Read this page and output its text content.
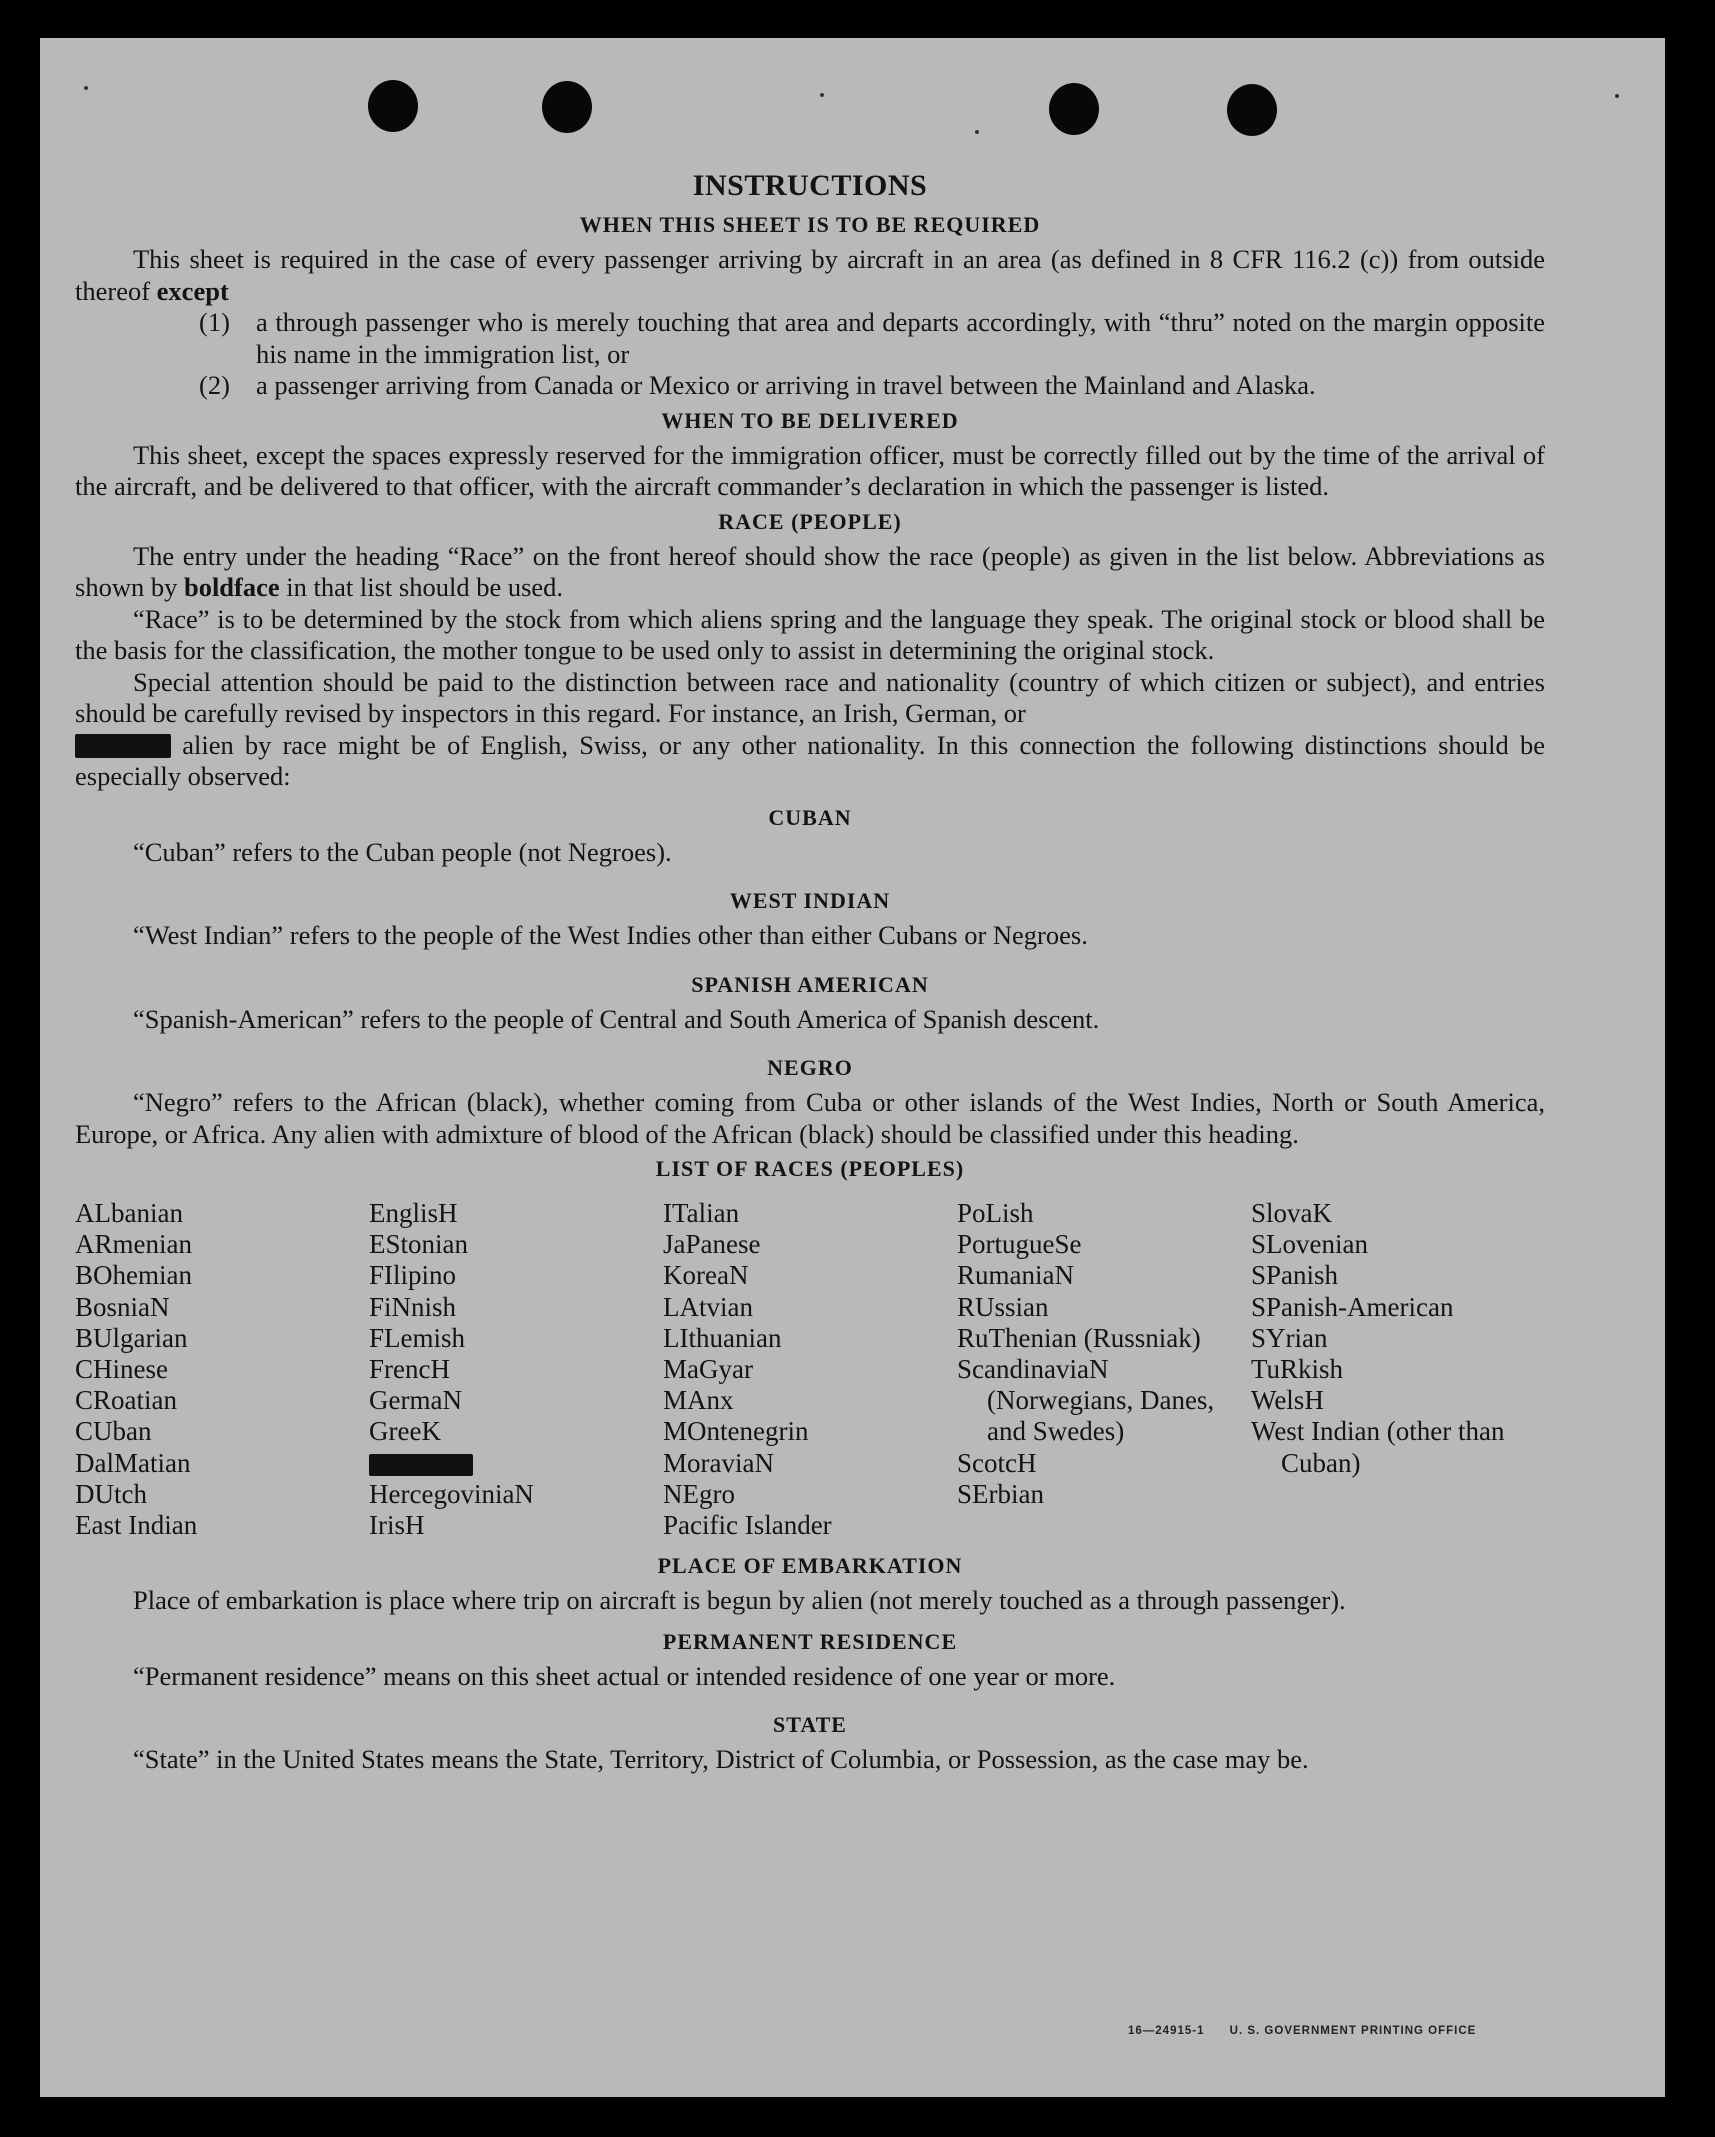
INSTRUCTIONS
WHEN THIS SHEET IS TO BE REQUIRED

This sheet is required in the case of every passenger arriving by aircraft in an area (as defined in 8 CFR 116.2 (c)) from outside thereof except

(1) a through passenger who is merely touching that area and departs accordingly, with “thru” noted on the margin opposite his name in the immigration list, or
(2) a passenger arriving from Canada or Mexico or arriving in travel between the Mainland and Alaska.
WHEN TO BE DELIVERED

This sheet, except the spaces expressly reserved for the immigration officer, must be correctly filled out by the time of the arrival of the aircraft, and be delivered to that officer, with the aircraft commander’s declaration in which the passenger is listed.

RACE (PEOPLE)

The entry under the heading “Race” on the front hereof should show the race (people) as given in the list below. Abbreviations as shown by boldface in that list should be used.

“Race” is to be determined by the stock from which aliens spring and the language they speak. The original stock or blood shall be the basis for the classification, the mother tongue to be used only to assist in determining the original stock.

Special attention should be paid to the distinction between race and nationality (country of which citizen or subject), and entries should be carefully revised by inspectors in this regard. For instance, an Irish, German, or
alien by race might be of English, Swiss, or any other nationality. In this connection the following distinctions should be especially observed:

CUBAN

“Cuban” refers to the Cuban people (not Negroes).

WEST INDIAN

“West Indian” refers to the people of the West Indies other than either Cubans or Negroes.

SPANISH AMERICAN

“Spanish-American” refers to the people of Central and South America of Spanish descent.

NEGRO

“Negro” refers to the African (black), whether coming from Cuba or other islands of the West Indies, North or South America, Europe, or Africa. Any alien with admixture of blood of the African (black) should be classified under this heading.

LIST OF RACES (PEOPLES)
ALbanian
ARmenian
BOhemian
BosniaN
BUlgarian
CHinese
CRoatian
CUban
DalMatian
DUtch
East Indian
EnglisH
EStonian
FIlipino
FiNnish
FLemish
FrencH
GermaN
GreeK
HercegoviniaN
IrisH
ITalian
JaPanese
KoreaN
LAtvian
LIthuanian
MaGyar
MAnx
MOntenegrin
MoraviaN
NEgro
Pacific Islander
PoLish
PortugueSe
RumaniaN
RUssian
RuThenian (Russniak)
ScandinaviaN (Norwegians, Danes, and Swedes)
ScotcH
SErbian
SlovaK
SLovenian
SPanish
SPanish-American
SYrian
TuRkish
WelsH
West Indian (other than Cuban)
PLACE OF EMBARKATION

Place of embarkation is place where trip on aircraft is begun by alien (not merely touched as a through passenger).

PERMANENT RESIDENCE

“Permanent residence” means on this sheet actual or intended residence of one year or more.

STATE

“State” in the United States means the State, Territory, District of Columbia, or Possession, as the case may be.

16—24915-1 U. S. GOVERNMENT PRINTING OFFICE
